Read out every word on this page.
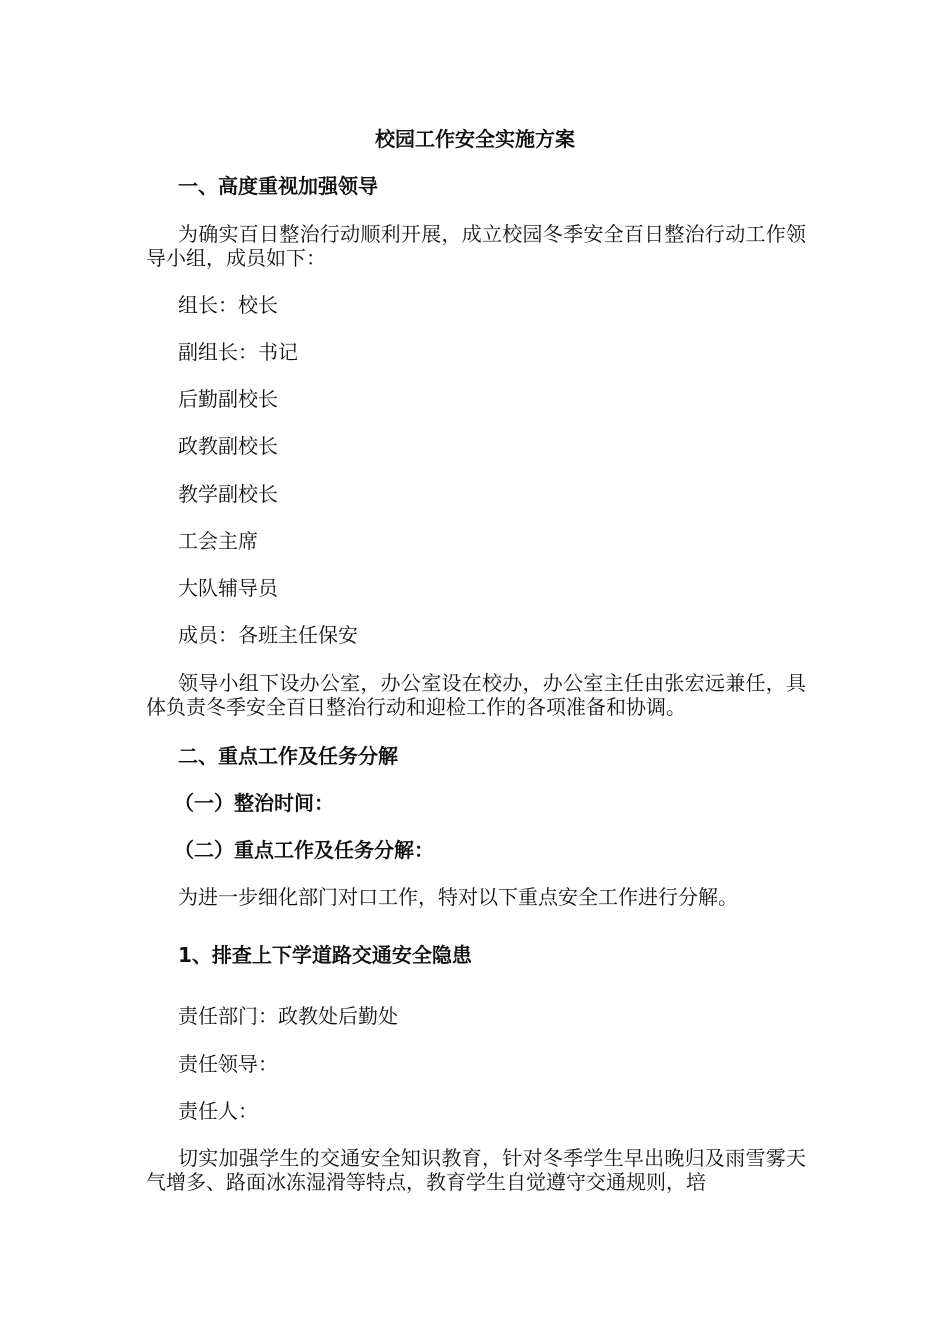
校园工作安全实施方案
一、高度重视加强领导
为确实百日整治行动顺利开展，成立校园冬季安全百日整治行动工作领导小组，成员如下：
组长：校长
副组长：书记
后勤副校长
政教副校长
教学副校长
工会主席
大队辅导员
成员：各班主任保安
领导小组下设办公室，办公室设在校办，办公室主任由张宏远兼任，具体负责冬季安全百日整治行动和迎检工作的各项准备和协调。
二、重点工作及任务分解
（一）整治时间：
（二）重点工作及任务分解：
为进一步细化部门对口工作，特对以下重点安全工作进行分解。
1、排查上下学道路交通安全隐患
责任部门：政教处后勤处
责任领导：
责任人：
切实加强学生的交通安全知识教育，针对冬季学生早出晚归及雨雪雾天气增多、路面冰冻湿滑等特点，教育学生自觉遵守交通规则，培
